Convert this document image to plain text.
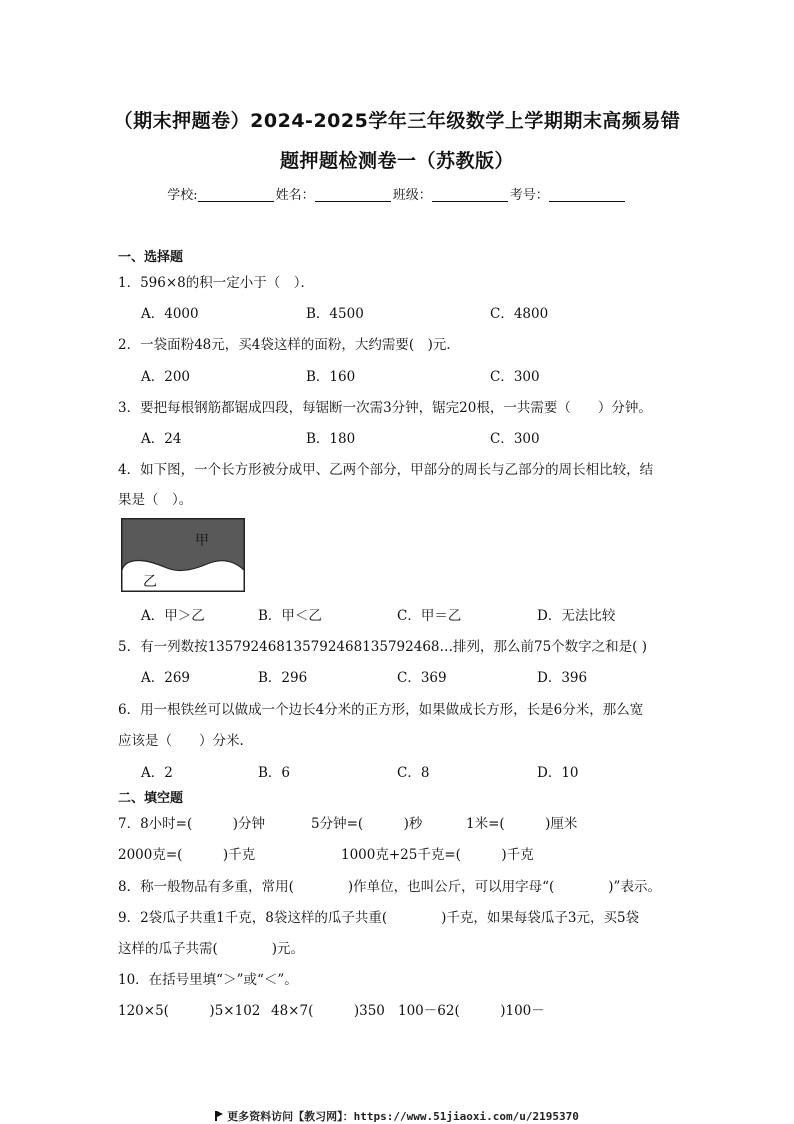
（期末押题卷）2024-2025学年三年级数学上学期期末高频易错
题押题检测卷一（苏教版）
学校:	姓名：	班级：	考号：
一、选择题
1．596×8的积一定小于（　）．
A．4000	B．4500	C．4800
2．一袋面粉48元，买4袋这样的面粉，大约需要(　)元．
A．200	B．160	C．300
3．要把每根钢筋都锯成四段，每锯断一次需3分钟，锯完20根，一共需要（　　）分钟。
A．24	B．180	C．300
4．如下图，一个长方形被分成甲、乙两个部分，甲部分的周长与乙部分的周长相比较，结
果是（　）。
甲
乙
A．甲＞乙	B．甲＜乙	C．甲＝乙	D．无法比较
5．有一列数按135792468135792468135792468…排列，那么前75个数字之和是( )
A．269	B．296	C．369	D．396
6．用一根铁丝可以做成一个边长4分米的正方形，如果做成长方形，长是6分米，那么宽
应该是（　　）分米.
A．2	B．6	C．8	D．10
二、填空题
7．8小时=(　　　)分钟	5分钟=(　　　)秒	1米=(　　　)厘米
2000克=(　　　)千克	1000克+25千克=(　　　)千克
8．称一般物品有多重，常用(　　　　)作单位，也叫公斤，可以用字母“(　　　　)”表示。
9．2袋瓜子共重1千克，8袋这样的瓜子共重(　　　　)千克，如果每袋瓜子3元，买5袋
这样的瓜子共需(　　　　)元。
10．在括号里填“＞”或“＜”。
120×5(　　　)5×102 48×7(　　　)350 100－62(　　　)100－
更多资料访问【教习网】：https://www.51jiaoxi.com/u/2195370
